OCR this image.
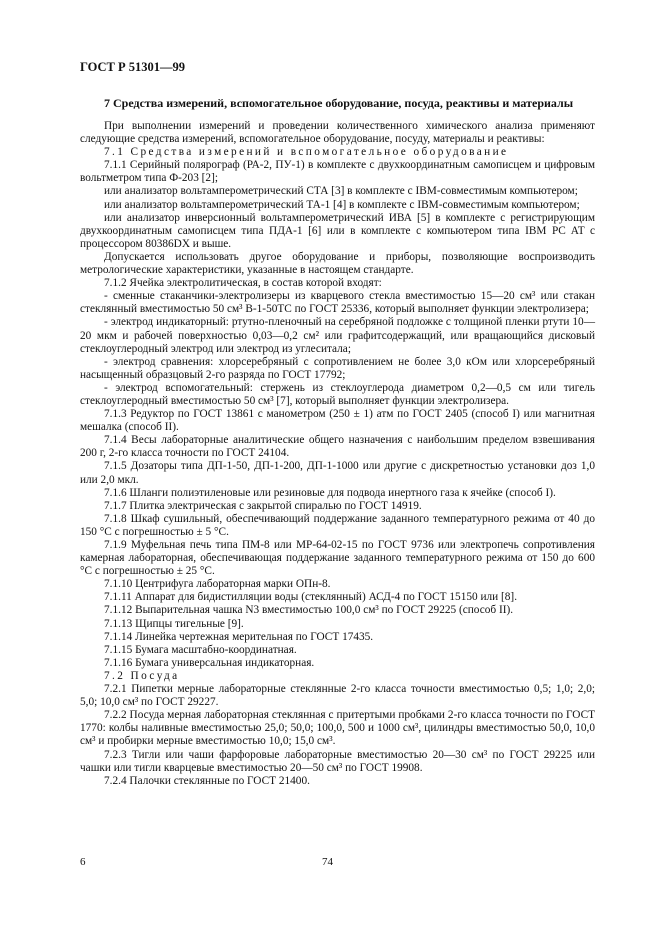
ГОСТ Р 51301—99
7 Средства измерений, вспомогательное оборудование, посуда, реактивы и материалы
При выполнении измерений и проведении количественного химического анализа применяют следующие средства измерений, вспомогательное оборудование, посуду, материалы и реактивы:
7.1 Средства измерений и вспомогательное оборудование
7.1.1 Серийный полярограф (РА-2, ПУ-1) в комплекте с двухкоординатным самописцем и цифровым вольтметром типа Ф-203 [2];
или анализатор вольтамперометрический СТА [3] в комплекте с IBM-совместимым компьютером;
или анализатор вольтамперометрический ТА-1 [4] в комплекте с IBM-совместимым компьютером;
или анализатор инверсионный вольтамперометрический ИВА [5] в комплекте с регистрирующим двухкоординатным самописцем типа ПДА-1 [6] или в комплекте с компьютером типа IBM PC AT с процессором 80386DX и выше.
Допускается использовать другое оборудование и приборы, позволяющие воспроизводить метрологические характеристики, указанные в настоящем стандарте.
7.1.2 Ячейка электролитическая, в состав которой входят:
- сменные стаканчики-электролизеры из кварцевого стекла вместимостью 15—20 см³ или стакан стеклянный вместимостью 50 см³ В-1-50ТС по ГОСТ 25336, который выполняет функции электролизера;
- электрод индикаторный: ртутно-пленочный на серебряной подложке с толщиной пленки ртути 10—20 мкм и рабочей поверхностью 0,03—0,2 см² или графитсодержащий, или вращающийся дисковый стеклоуглеродный электрод или электрод из углеситала;
- электрод сравнения: хлорсеребряный с сопротивлением не более 3,0 кОм или хлорсеребряный насыщенный образцовый 2-го разряда по ГОСТ 17792;
- электрод вспомогательный: стержень из стеклоуглерода диаметром 0,2—0,5 см или тигель стеклоуглеродный вместимостью 50 см³ [7], который выполняет функции электролизера.
7.1.3 Редуктор по ГОСТ 13861 с манометром (250 ± 1) атм по ГОСТ 2405 (способ I) или магнитная мешалка (способ II).
7.1.4 Весы лабораторные аналитические общего назначения с наибольшим пределом взвешивания 200 г, 2-го класса точности по ГОСТ 24104.
7.1.5 Дозаторы типа ДП-1-50, ДП-1-200, ДП-1-1000 или другие с дискретностью установки доз 1,0 или 2,0 мкл.
7.1.6 Шланги полиэтиленовые или резиновые для подвода инертного газа к ячейке (способ I).
7.1.7 Плитка электрическая с закрытой спиралью по ГОСТ 14919.
7.1.8 Шкаф сушильный, обеспечивающий поддержание заданного температурного режима от 40 до 150 °С с погрешностью ± 5 °С.
7.1.9 Муфельная печь типа ПМ-8 или МР-64-02-15 по ГОСТ 9736 или электропечь сопротивления камерная лабораторная, обеспечивающая поддержание заданного температурного режима от 150 до 600 °С с погрешностью ± 25 °С.
7.1.10 Центрифуга лабораторная марки ОПн-8.
7.1.11 Аппарат для бидистилляции воды (стеклянный) АСД-4 по ГОСТ 15150 или [8].
7.1.12 Выпарительная чашка N3 вместимостью 100,0 см³ по ГОСТ 29225 (способ II).
7.1.13 Щипцы тигельные [9].
7.1.14 Линейка чертежная мерительная по ГОСТ 17435.
7.1.15 Бумага масштабно-координатная.
7.1.16 Бумага универсальная индикаторная.
7.2 Посуда
7.2.1 Пипетки мерные лабораторные стеклянные 2-го класса точности вместимостью 0,5; 1,0; 2,0; 5,0; 10,0 см³ по ГОСТ 29227.
7.2.2 Посуда мерная лабораторная стеклянная с притертыми пробками 2-го класса точности по ГОСТ 1770: колбы наливные вместимостью 25,0; 50,0; 100,0, 500 и 1000 см³, цилиндры вместимостью 50,0, 10,0 см³ и пробирки мерные вместимостью 10,0; 15,0 см³.
7.2.3 Тигли или чаши фарфоровые лабораторные вместимостью 20—30 см³ по ГОСТ 29225 или чашки или тигли кварцевые вместимостью 20—50 см³ по ГОСТ 19908.
7.2.4 Палочки стеклянные по ГОСТ 21400.
6	74
